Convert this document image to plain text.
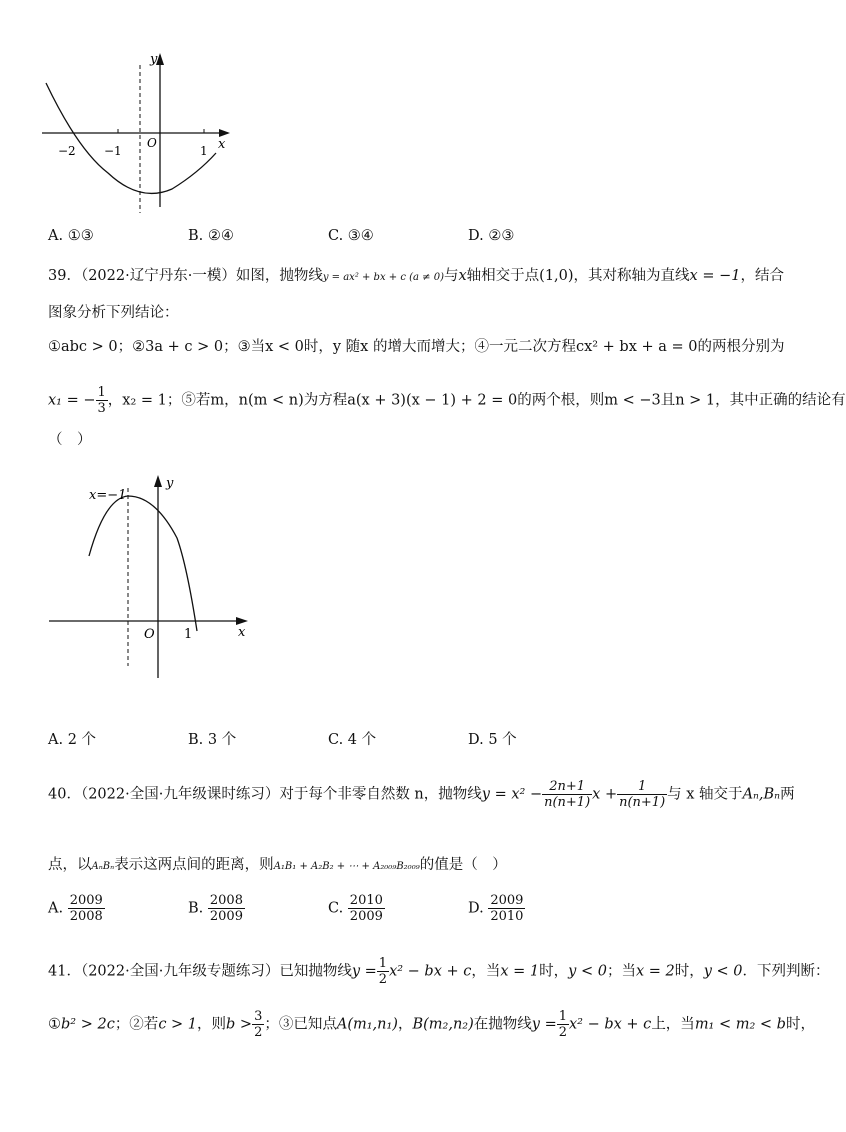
y
x
O
−2 −1	1
A. ①③	B. ②④	C. ③④	D. ②③
39．（2022·辽宁丹东·一模）如图，抛物线y = ax² + bx + c (a ≠ 0)与x轴相交于点(1,0)，其对称轴为直线x = −1，结合
图象分析下列结论：
①abc > 0；②3a + c > 0；③当x < 0时，y 随x 的增大而增大；④一元二次方程cx² + bx + a = 0的两根分别为
x₁ = − $\frac{1}{3}$ ，x₂ = 1；⑤若m，n(m < n)为方程a(x + 3)(x − 1) + 2 = 0的两个根，则m < −3且n > 1，其中正确的结论有
（　）
x=−1
y
x
O 1
A. 2 个	B. 3 个	C. 4 个	D. 5 个
40．（2022·全国·九年级课时练习）对于每个非零自然数 n，抛物线$y = x^2 - \frac{2n+1}{n(n+1)}$ $x + \frac{1}{n(n+1)}$ 与 x 轴交于Aₙ,Bₙ两
点，以AₙBₙ表示这两点间的距离，则A₁B₁ + A₂B₂ + ⋯ + A₂₀₀₉B₂₀₀₉的值是（　）
A. $\frac{2009}{2008}$	B. $\frac{2008}{2009}$	C. $\frac{2010}{2009}$	D. $\frac{2009}{2010}$
41．（2022·全国·九年级专题练习）已知抛物线$y = \frac{1}{2} x^2$ − bx + c，当x = 1时，y < 0；当x = 2时，y < 0．下列判断：
①b² > 2c；②若c > 1，则$b > \frac{3}{2}$ ；③已知点A(m₁,n₁)，B(m₂,n₂)在抛物线$y = \frac{1}{2} x^2$ − bx + c上，当m₁ < m₂ < b时，
